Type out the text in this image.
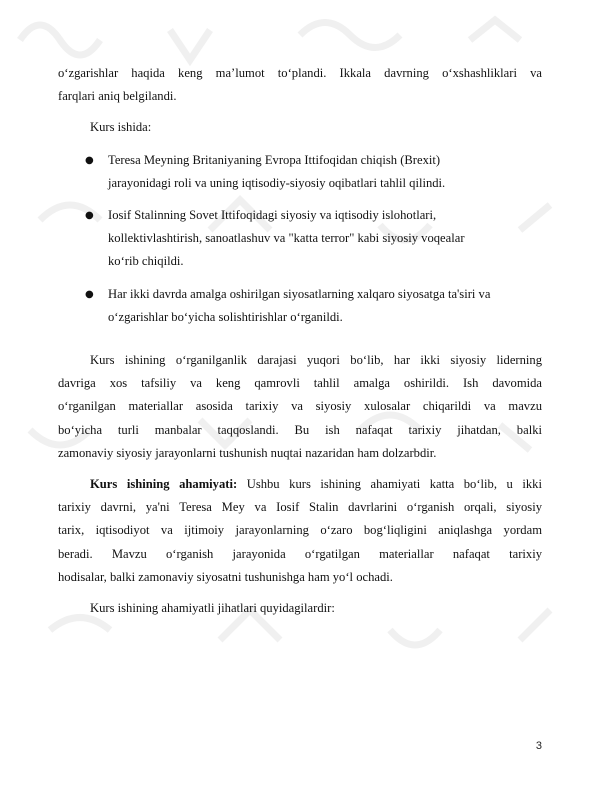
o‘zgarishlar haqida keng ma’lumot to‘plandi. Ikkala davrning o‘xshashliklari va

farqlari aniq belgilandi.

Kurs ishida:

● Teresa Meyning Britaniyaning Evropa Ittifoqidan chiqish (Brexit)
jarayonidagi roli va uning iqtisodiy-siyosiy oqibatlari tahlil qilindi.
● Iosif Stalinning Sovet Ittifoqidagi siyosiy va iqtisodiy islohotlari,
kollektivlashtirish, sanoatlashuv va "katta terror" kabi siyosiy voqealar
ko‘rib chiqildi.
● Har ikki davrda amalga oshirilgan siyosatlarning xalqaro siyosatga ta'siri va
o‘zgarishlar bo‘yicha solishtirishlar o‘rganildi.

Kurs ishining o‘rganilganlik darajasi yuqori bo‘lib, har ikki siyosiy liderning

davriga xos tafsiliy va keng qamrovli tahlil amalga oshirildi. Ish davomida

o‘rganilgan materiallar asosida tarixiy va siyosiy xulosalar chiqarildi va mavzu

bo‘yicha turli manbalar taqqoslandi. Bu ish nafaqat tarixiy jihatdan, balki

zamonaviy siyosiy jarayonlarni tushunish nuqtai nazaridan ham dolzarbdir.

Kurs ishining ahamiyati: Ushbu kurs ishining ahamiyati katta bo‘lib, u ikki

tarixiy davrni, ya'ni Teresa Mey va Iosif Stalin davrlarini o‘rganish orqali, siyosiy

tarix, iqtisodiyot va ijtimoiy jarayonlarning o‘zaro bog‘liqligini aniqlashga yordam

beradi. Mavzu o‘rganish jarayonida o‘rgatilgan materiallar nafaqat tarixiy

hodisalar, balki zamonaviy siyosatni tushunishga ham yo‘l ochadi.

Kurs ishining ahamiyatli jihatlari quyidagilardir:

3
